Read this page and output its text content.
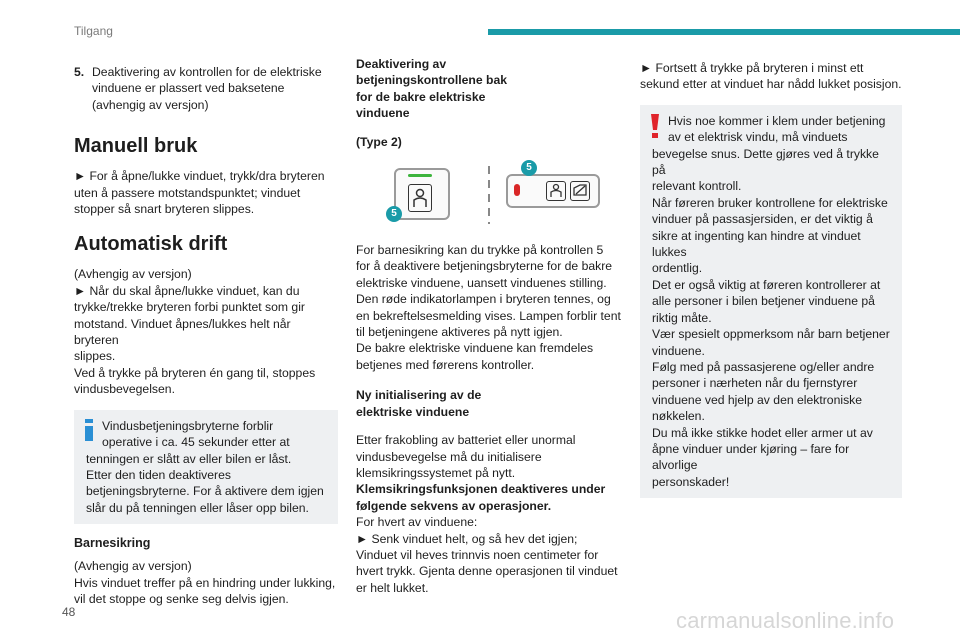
Tilgang
5. Deaktivering av kontrollen for de elektriske
vinduene er plassert ved baksetene
(avhengig av versjon)
Manuell bruk
► For å åpne/lukke vinduet, trykk/dra bryteren
uten å passere motstandspunktet; vinduet
stopper så snart bryteren slippes.
Automatisk drift
(Avhengig av versjon)
► Når du skal åpne/lukke vinduet, kan du
trykke/trekke bryteren forbi punktet som gir
motstand. Vinduet åpnes/lukkes helt når bryteren
slippes.
Ved å trykke på bryteren én gang til, stoppes
vindusbevegelsen.
Vindusbetjeningsbryterne forblir
operative i ca. 45 sekunder etter at
tenningen er slått av eller bilen er låst.
Etter den tiden deaktiveres
betjeningsbryterne. For å aktivere dem igjen
slår du på tenningen eller låser opp bilen.
Barnesikring
(Avhengig av versjon)
Hvis vinduet treffer på en hindring under lukking,
vil det stoppe og senke seg delvis igjen.
Deaktivering av
betjeningskontrollene bak
for de bakre elektriske
vinduene
(Type 2)
5
5
For barnesikring kan du trykke på kontrollen 5
for å deaktivere betjeningsbryterne for de bakre
elektriske vinduene, uansett vinduenes stilling.
Den røde indikatorlampen i bryteren tennes, og
en bekreftelsesmelding vises. Lampen forblir tent
til betjeningene aktiveres på nytt igjen.
De bakre elektriske vinduene kan fremdeles
betjenes med førerens kontroller.
Ny initialisering av de
elektriske vinduene
Etter frakobling av batteriet eller unormal
vindusbevegelse må du initialisere
klemsikringssystemet på nytt.
Klemsikringsfunksjonen deaktiveres under
følgende sekvens av operasjoner.
For hvert av vinduene:
► Senk vinduet helt, og så hev det igjen;
Vinduet vil heves trinnvis noen centimeter for
hvert trykk. Gjenta denne operasjonen til vinduet
er helt lukket.
► Fortsett å trykke på bryteren i minst ett
sekund etter at vinduet har nådd lukket posisjon.
Hvis noe kommer i klem under betjening
av et elektrisk vindu, må vinduets
bevegelse snus. Dette gjøres ved å trykke på
relevant kontroll.
Når føreren bruker kontrollene for elektriske
vinduer på passasjersiden, er det viktig å
sikre at ingenting kan hindre at vinduet lukkes
ordentlig.
Det er også viktig at føreren kontrollerer at
alle personer i bilen betjener vinduene på
riktig måte.
Vær spesielt oppmerksom når barn betjener
vinduene.
Følg med på passasjerene og/eller andre
personer i nærheten når du fjernstyrer
vinduene ved hjelp av den elektroniske
nøkkelen.
Du må ikke stikke hodet eller armer ut av
åpne vinduer under kjøring – fare for alvorlige
personskader!
48	carmanualsonline.info
